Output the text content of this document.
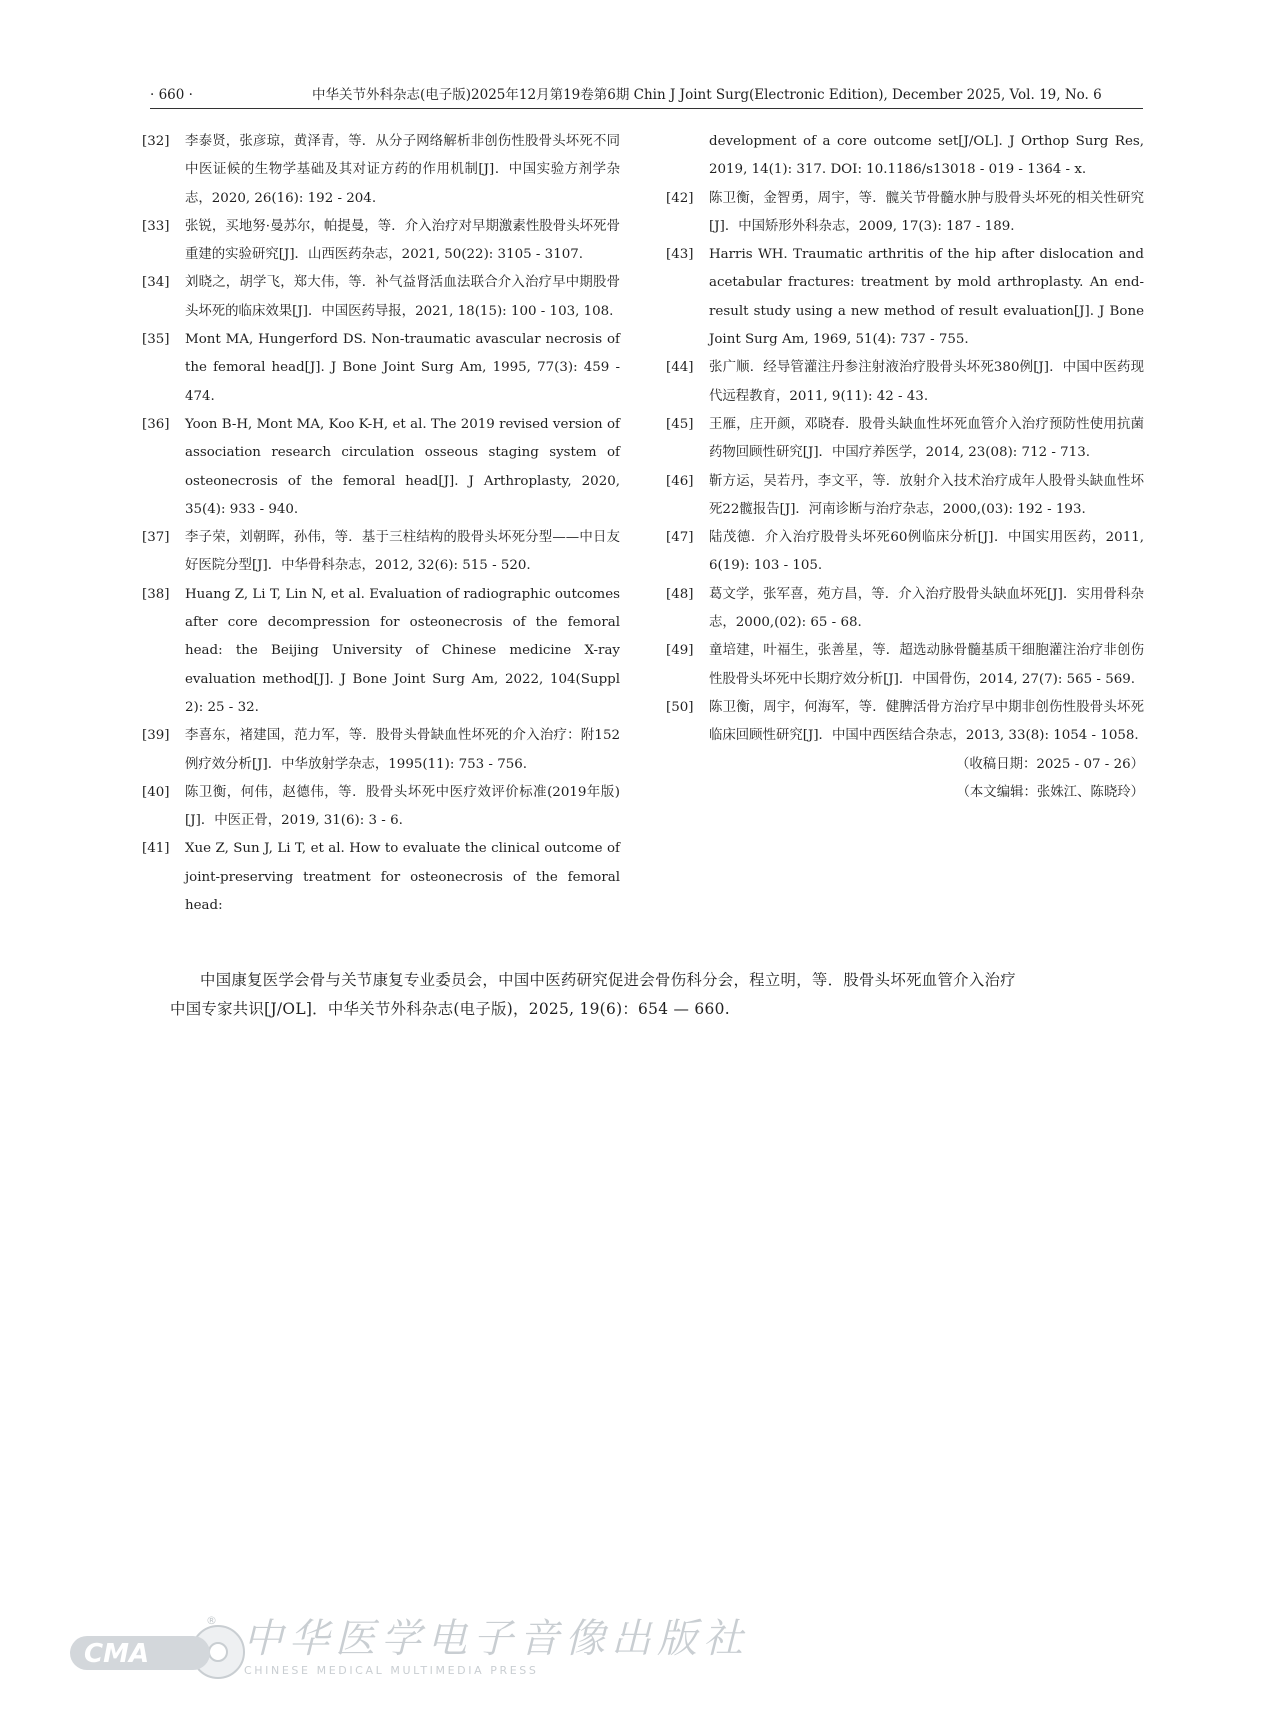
· 660 ·	中华关节外科杂志(电子版)2025年12月第19卷第6期 Chin J Joint Surg(Electronic Edition), December 2025, Vol. 19, No. 6
[32] 李泰贤，张彦琼，黄泽青，等．从分子网络解析非创伤性股骨头坏死不同中医证候的生物学基础及其对证方药的作用机制[J]．中国实验方剂学杂志，2020, 26(16): 192 - 204.
[33] 张锐，买地努·曼苏尔，帕提曼，等．介入治疗对早期激素性股骨头坏死骨重建的实验研究[J]．山西医药杂志，2021, 50(22): 3105 - 3107.
[34] 刘晓之，胡学飞，郑大伟，等．补气益肾活血法联合介入治疗早中期股骨头坏死的临床效果[J]．中国医药导报，2021, 18(15): 100 - 103, 108.
[35] Mont MA, Hungerford DS. Non-traumatic avascular necrosis of the femoral head[J]. J Bone Joint Surg Am, 1995, 77(3): 459 - 474.
[36] Yoon B-H, Mont MA, Koo K-H, et al. The 2019 revised version of association research circulation osseous staging system of osteonecrosis of the femoral head[J]. J Arthroplasty, 2020, 35(4): 933 - 940.
[37] 李子荣，刘朝晖，孙伟，等．基于三柱结构的股骨头坏死分型——中日友好医院分型[J]．中华骨科杂志，2012, 32(6): 515 - 520.
[38] Huang Z, Li T, Lin N, et al. Evaluation of radiographic outcomes after core decompression for osteonecrosis of the femoral head: the Beijing University of Chinese medicine X-ray evaluation method[J]. J Bone Joint Surg Am, 2022, 104(Suppl 2): 25 - 32.
[39] 李喜东，褚建国，范力军，等．股骨头骨缺血性坏死的介入治疗：附152例疗效分析[J]．中华放射学杂志，1995(11): 753 - 756.
[40] 陈卫衡，何伟，赵德伟，等．股骨头坏死中医疗效评价标准(2019年版)[J]．中医正骨，2019, 31(6): 3 - 6.
[41] Xue Z, Sun J, Li T, et al. How to evaluate the clinical outcome of joint-preserving treatment for osteonecrosis of the femoral head:
development of a core outcome set[J/OL]. J Orthop Surg Res, 2019, 14(1): 317. DOI: 10.1186/s13018 - 019 - 1364 - x.
[42] 陈卫衡，金智勇，周宇，等．髋关节骨髓水肿与股骨头坏死的相关性研究[J]．中国矫形外科杂志，2009, 17(3): 187 - 189.
[43] Harris WH. Traumatic arthritis of the hip after dislocation and acetabular fractures: treatment by mold arthroplasty. An end-result study using a new method of result evaluation[J]. J Bone Joint Surg Am, 1969, 51(4): 737 - 755.
[44] 张广顺．经导管灌注丹参注射液治疗股骨头坏死380例[J]．中国中医药现代远程教育，2011, 9(11): 42 - 43.
[45] 王雁，庄开颜，邓晓春．股骨头缺血性坏死血管介入治疗预防性使用抗菌药物回顾性研究[J]．中国疗养医学，2014, 23(08): 712 - 713.
[46] 靳方运，吴若丹，李文平，等．放射介入技术治疗成年人股骨头缺血性坏死22髋报告[J]．河南诊断与治疗杂志，2000,(03): 192 - 193.
[47] 陆茂德．介入治疗股骨头坏死60例临床分析[J]．中国实用医药，2011, 6(19): 103 - 105.
[48] 葛文学，张军喜，苑方昌，等．介入治疗股骨头缺血坏死[J]．实用骨科杂志，2000,(02): 65 - 68.
[49] 童培建，叶福生，张善星，等．超选动脉骨髓基质干细胞灌注治疗非创伤性股骨头坏死中长期疗效分析[J]．中国骨伤，2014, 27(7): 565 - 569.
[50] 陈卫衡，周宇，何海军，等．健脾活骨方治疗早中期非创伤性股骨头坏死临床回顾性研究[J]．中国中西医结合杂志，2013, 33(8): 1054 - 1058.
（收稿日期：2025 - 07 - 26）
（本文编辑：张姝江、陈晓玲）
中国康复医学会骨与关节康复专业委员会，中国中医药研究促进会骨伤科分会，程立明，等．股骨头坏死血管介入治疗
中国专家共识[J/OL]．中华关节外科杂志(电子版)，2025, 19(6)：654 — 660.
CMA
® 中华医学电子音像出版社
CHINESE MEDICAL MULTIMEDIA PRESS
